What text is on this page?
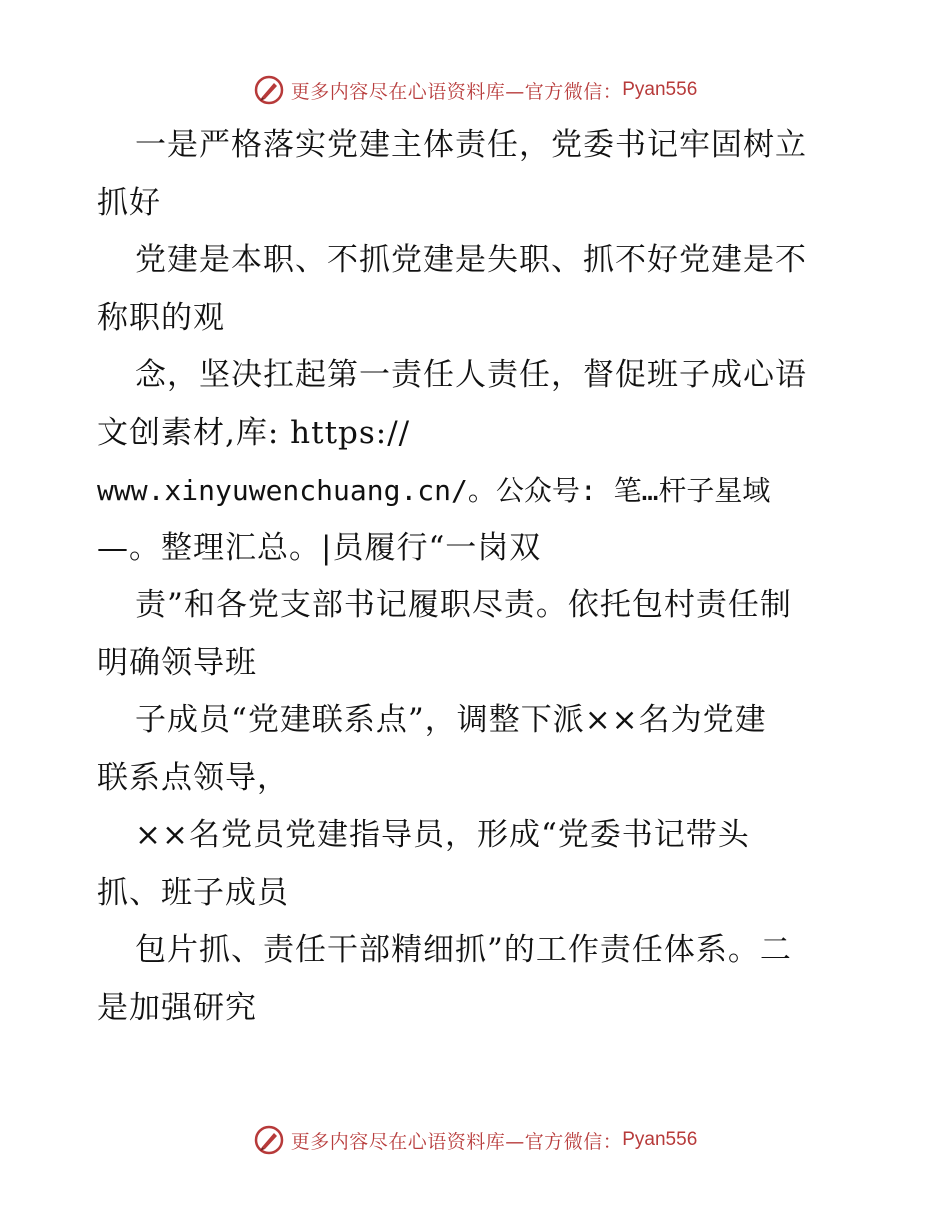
更多内容尽在心语资料库—官方微信： Pyan556
一是严格落实党建主体责任，党委书记牢固树立
抓好
党建是本职、不抓党建是失职、抓不好党建是不
称职的观
念，坚决扛起第一责任人责任，督促班子成心语
文创素材,库: https://
www.xinyuwenchuang.cn/。公众号: 笔…杆子星域
—。整理汇总。|员履行“一岗双
责”和各党支部书记履职尽责。依托包村责任制
明确领导班
子成员“党建联系点”，调整下派××名为党建
联系点领导，
××名党员党建指导员，形成“党委书记带头
抓、班子成员
包片抓、责任干部精细抓”的工作责任体系。二
是加强研究
更多内容尽在心语资料库—官方微信： Pyan556
